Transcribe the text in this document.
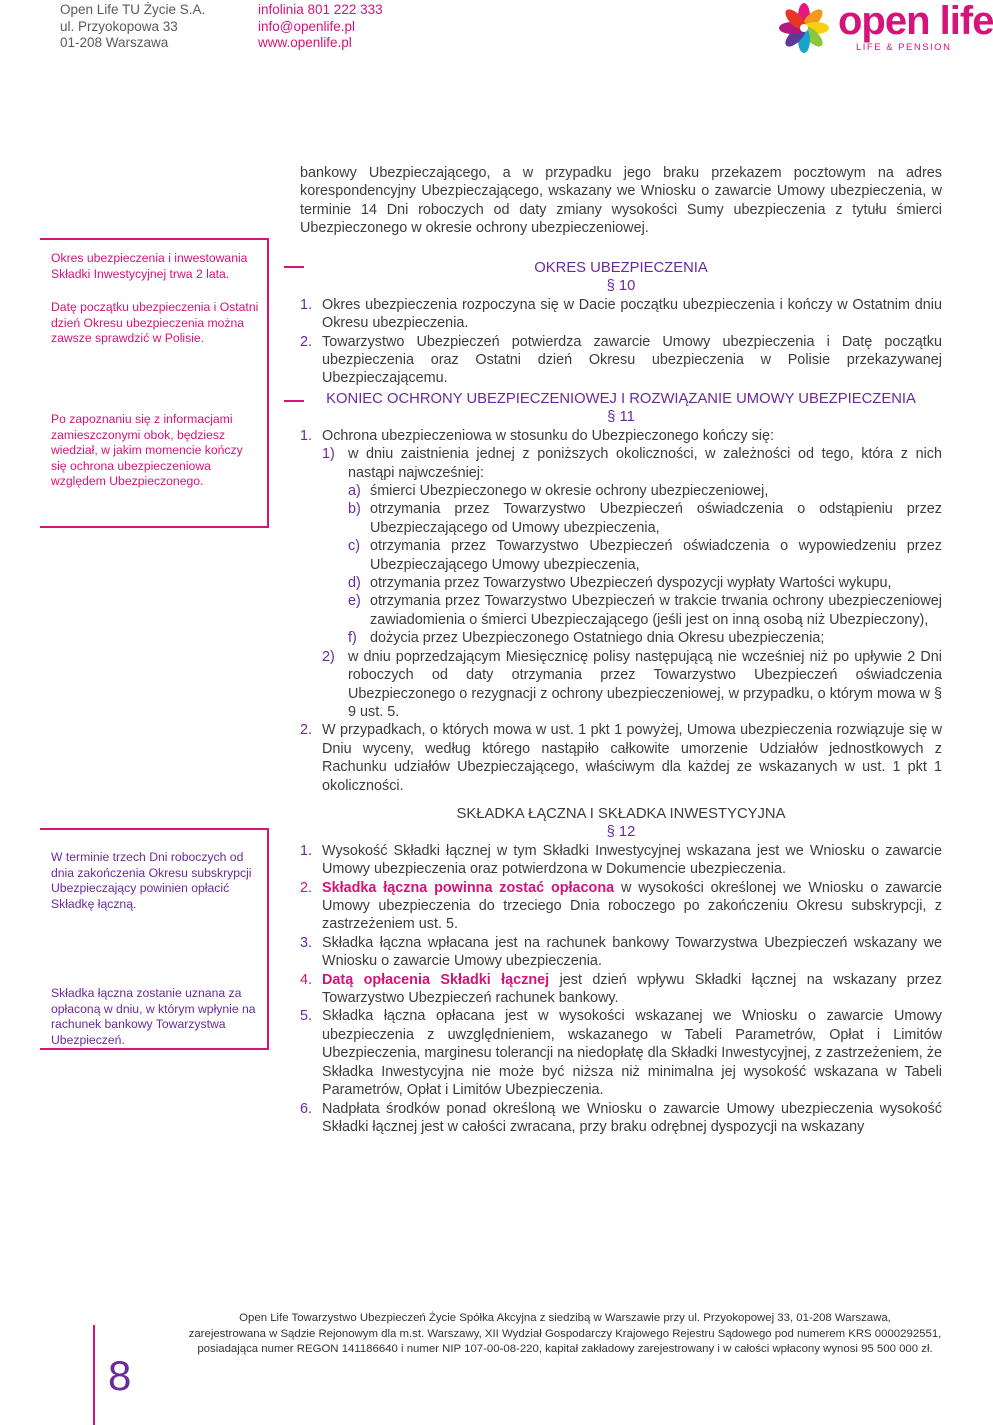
Open Life TU Życie S.A.
ul. Przyokopowa 33
01-208 Warszawa
infolinia 801 222 333
info@openlife.pl
www.openlife.pl	open life
LIFE & PENSION

Okres ubezpieczenia i inwestowania Składki Inwestycyjnej trwa 2 lata.

Datę początku ubezpieczenia i Ostatni dzień Okresu ubezpieczenia można zawsze sprawdzić w Polisie.

Po zapoznaniu się z informacjami zamieszczonymi obok, będziesz wiedział, w jakim momencie kończy się ochrona ubezpieczeniowa względem Ubezpieczonego.

W terminie trzech Dni roboczych od dnia zakończenia Okresu subskrypcji Ubezpieczający powinien opłacić Składkę łączną.

Składka łączna zostanie uznana za opłaconą w dniu, w którym wpłynie na rachunek bankowy Towarzystwa Ubezpieczeń.

bankowy Ubezpieczającego, a w przypadku jego braku przekazem pocztowym na adres korespondencyjny Ubezpieczającego, wskazany we Wniosku o zawarcie Umowy ubezpieczenia, w terminie 14 Dni roboczych od daty zmiany wysokości Sumy ubezpieczenia z tytułu śmierci Ubezpieczonego w okresie ochrony ubezpieczeniowej.

OKRES UBEZPIECZENIA

§ 10

1. Okres ubezpieczenia rozpoczyna się w Dacie początku ubezpieczenia i kończy w Ostatnim dniu Okresu ubezpieczenia.
2. Towarzystwo Ubezpieczeń potwierdza zawarcie Umowy ubezpieczenia i Datę początku ubezpieczenia oraz Ostatni dzień Okresu ubezpieczenia w Polisie przekazywanej Ubezpieczającemu.

KONIEC OCHRONY UBEZPIECZENIOWEJ I ROZWIĄZANIE UMOWY UBEZPIECZENIA

§ 11

1. Ochrona ubezpieczeniowa w stosunku do Ubezpieczonego kończy się:
1) w dniu zaistnienia jednej z poniższych okoliczności, w zależności od tego, która z nich nastąpi najwcześniej:
a) śmierci Ubezpieczonego w okresie ochrony ubezpieczeniowej,
b) otrzymania przez Towarzystwo Ubezpieczeń oświadczenia o odstąpieniu przez Ubezpieczającego od Umowy ubezpieczenia,
c) otrzymania przez Towarzystwo Ubezpieczeń oświadczenia o wypowiedzeniu przez Ubezpieczającego Umowy ubezpieczenia,
d) otrzymania przez Towarzystwo Ubezpieczeń dyspozycji wypłaty Wartości wykupu,
e) otrzymania przez Towarzystwo Ubezpieczeń w trakcie trwania ochrony ubezpieczeniowej zawiadomienia o śmierci Ubezpieczającego (jeśli jest on inną osobą niż Ubezpieczony),
f) dożycia przez Ubezpieczonego Ostatniego dnia Okresu ubezpieczenia;
2) w dniu poprzedzającym Miesięcznicę polisy następującą nie wcześniej niż po upływie 2 Dni roboczych od daty otrzymania przez Towarzystwo Ubezpieczeń oświadczenia Ubezpieczonego o rezygnacji z ochrony ubezpieczeniowej, w przypadku, o którym mowa w § 9 ust. 5.
2. W przypadkach, o których mowa w ust. 1 pkt 1 powyżej, Umowa ubezpieczenia rozwiązuje się w Dniu wyceny, według którego nastąpiło całkowite umorzenie Udziałów jednostkowych z Rachunku udziałów Ubezpieczającego, właściwym dla każdej ze wskazanych w ust. 1 pkt 1 okoliczności.

SKŁADKA ŁĄCZNA I SKŁADKA INWESTYCYJNA

§ 12

1. Wysokość Składki łącznej w tym Składki Inwestycyjnej wskazana jest we Wniosku o zawarcie Umowy ubezpieczenia oraz potwierdzona w Dokumencie ubezpieczenia.
2. Składka łączna powinna zostać opłacona w wysokości określonej we Wniosku o zawarcie Umowy ubezpieczenia do trzeciego Dnia roboczego po zakończeniu Okresu subskrypcji, z zastrzeżeniem ust. 5.
3. Składka łączna wpłacana jest na rachunek bankowy Towarzystwa Ubezpieczeń wskazany we Wniosku o zawarcie Umowy ubezpieczenia.
4. Datą opłacenia Składki łącznej jest dzień wpływu Składki łącznej na wskazany przez Towarzystwo Ubezpieczeń rachunek bankowy.
5. Składka łączna opłacana jest w wysokości wskazanej we Wniosku o zawarcie Umowy ubezpieczenia z uwzględnieniem, wskazanego w Tabeli Parametrów, Opłat i Limitów Ubezpieczenia, marginesu tolerancji na niedopłatę dla Składki Inwestycyjnej, z zastrzeżeniem, że Składka Inwestycyjna nie może być niższa niż minimalna jej wysokość wskazana w Tabeli Parametrów, Opłat i Limitów Ubezpieczenia.
6. Nadpłata środków ponad określoną we Wniosku o zawarcie Umowy ubezpieczenia wysokość Składki łącznej jest w całości zwracana, przy braku odrębnej dyspozycji na wskazany
8

Open Life Towarzystwo Ubezpieczeń Życie Spółka Akcyjna z siedzibą w Warszawie przy ul. Przyokopowej 33, 01-208 Warszawa,

zarejestrowana w Sądzie Rejonowym dla m.st. Warszawy, XII Wydział Gospodarczy Krajowego Rejestru Sądowego pod numerem KRS 0000292551,

posiadająca numer REGON 141186640 i numer NIP 107-00-08-220, kapitał zakładowy zarejestrowany i w całości wpłacony wynosi 95 500 000 zł.
